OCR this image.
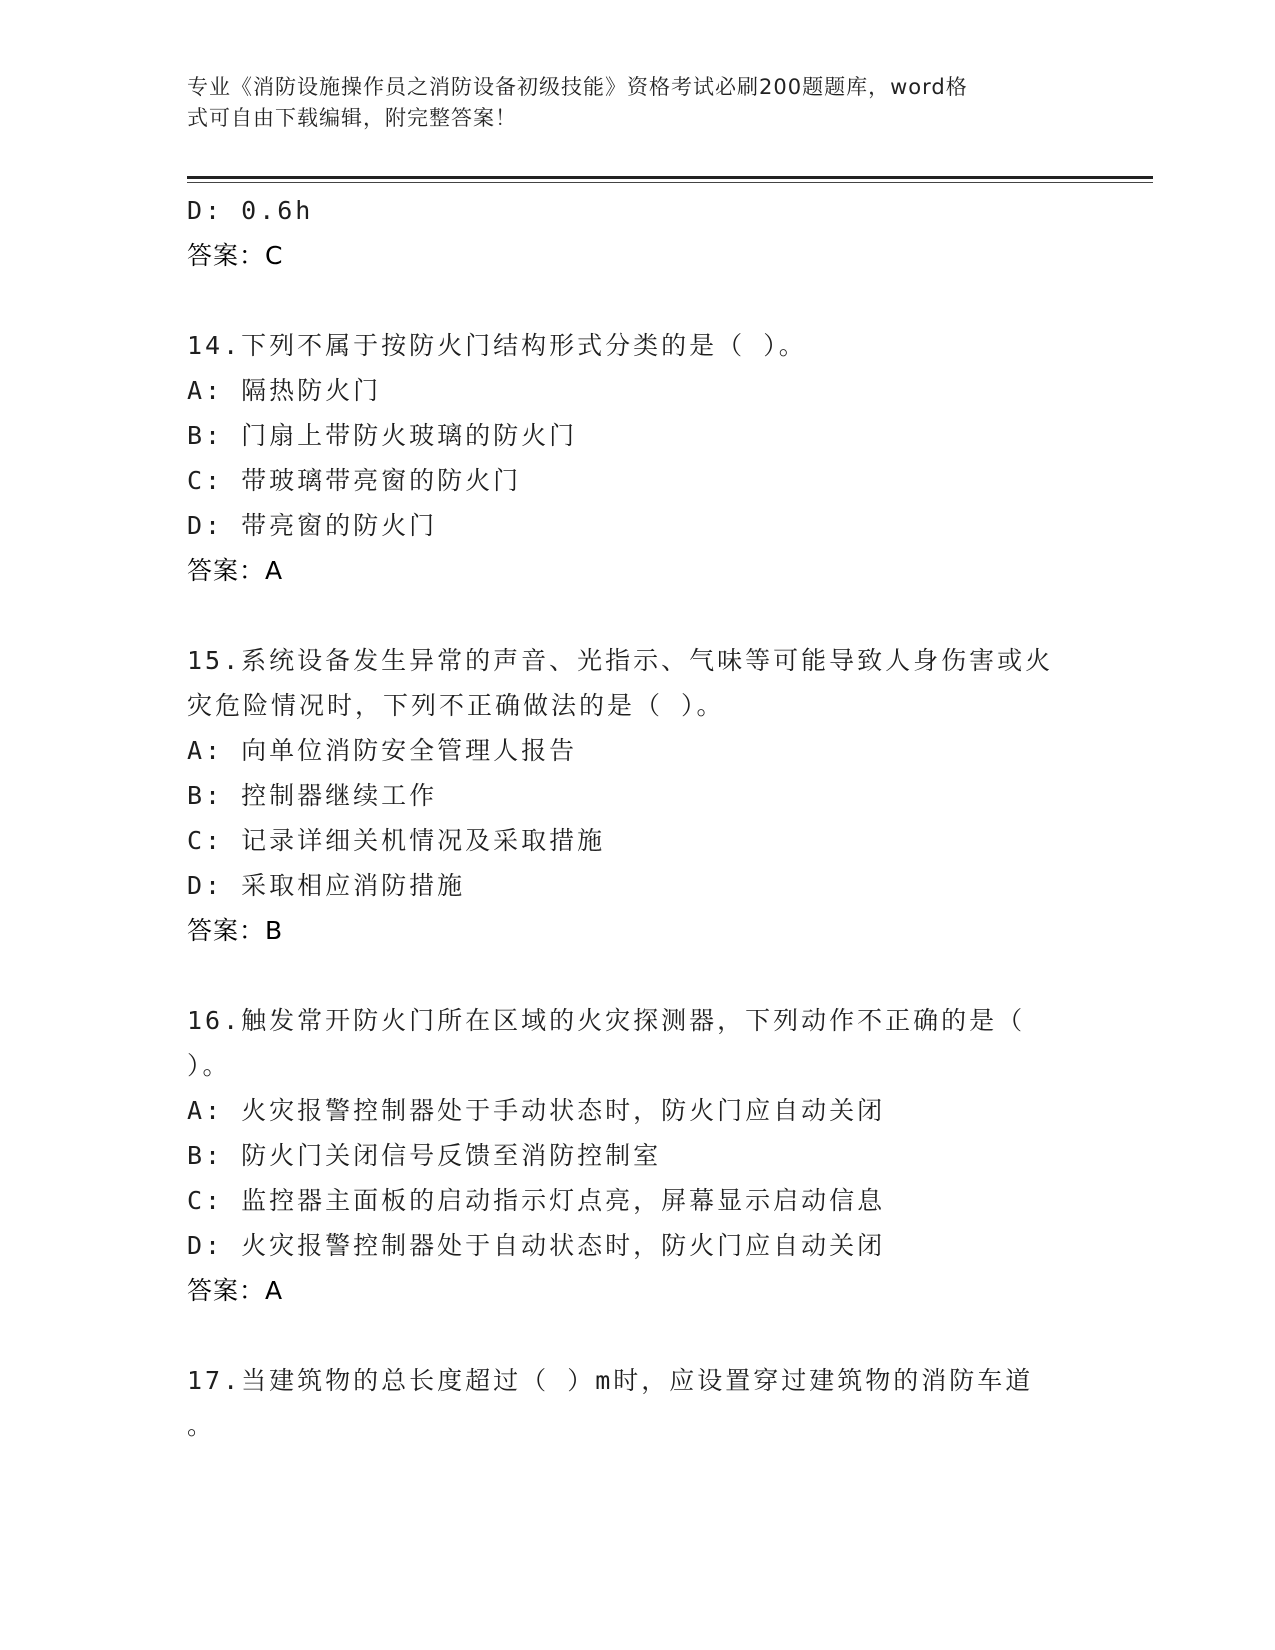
专业《消防设施操作员之消防设备初级技能》资格考试必刷200题题库，word格
式可自由下载编辑，附完整答案！
D: 0.6h
答案：C
14.下列不属于按防火门结构形式分类的是（ ）。
A: 隔热防火门
B: 门扇上带防火玻璃的防火门
C: 带玻璃带亮窗的防火门
D: 带亮窗的防火门
答案：A
15.系统设备发生异常的声音、光指示、气味等可能导致人身伤害或火
灾危险情况时，下列不正确做法的是（ ）。
A: 向单位消防安全管理人报告
B: 控制器继续工作
C: 记录详细关机情况及采取措施
D: 采取相应消防措施
答案：B
16.触发常开防火门所在区域的火灾探测器，下列动作不正确的是（
）。
A: 火灾报警控制器处于手动状态时，防火门应自动关闭
B: 防火门关闭信号反馈至消防控制室
C: 监控器主面板的启动指示灯点亮，屏幕显示启动信息
D: 火灾报警控制器处于自动状态时，防火门应自动关闭
答案：A
17.当建筑物的总长度超过（ ）m时，应设置穿过建筑物的消防车道
。
